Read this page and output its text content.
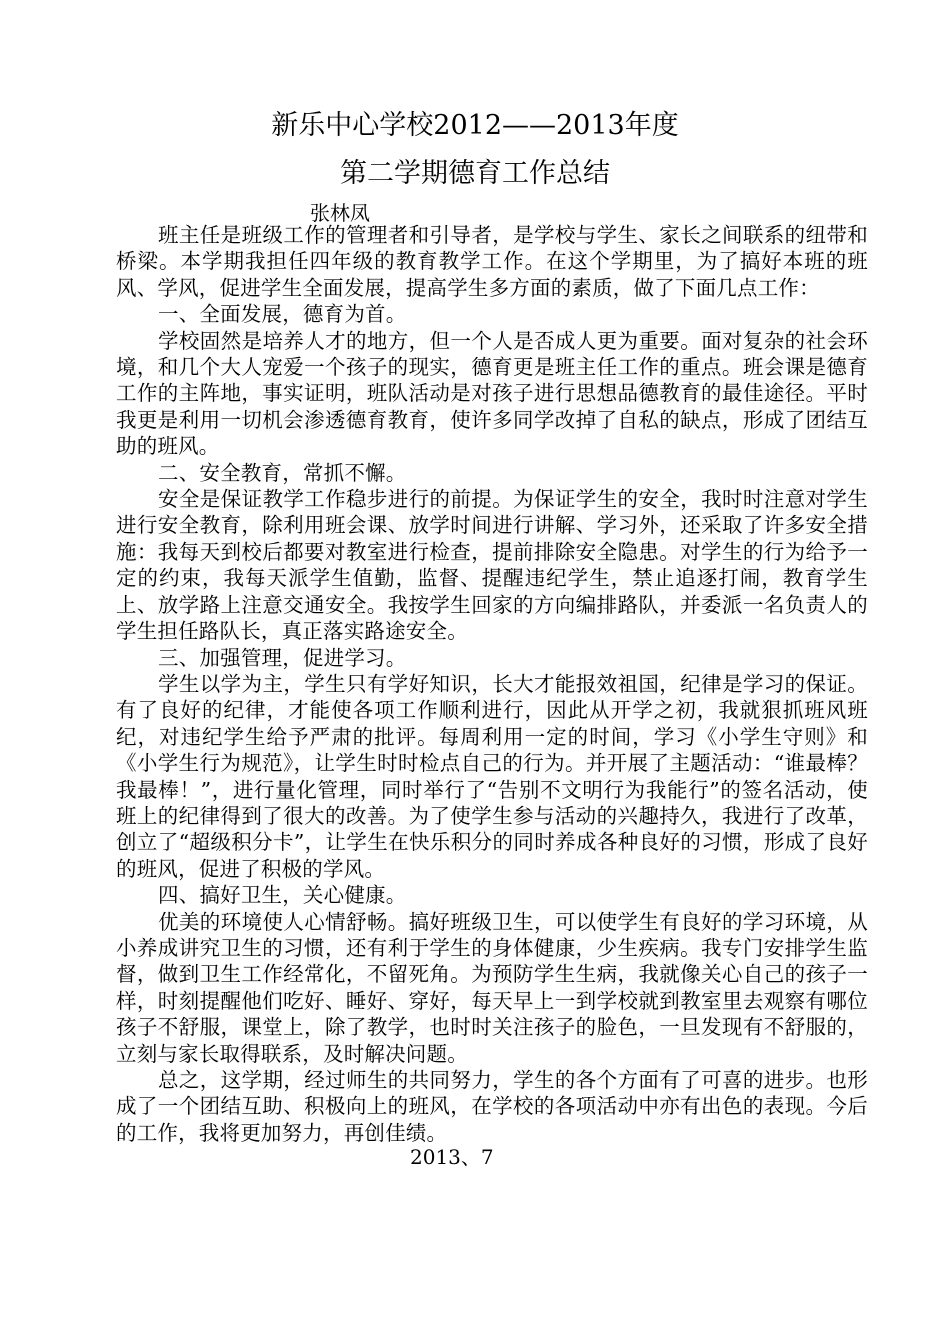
新乐中心学校2012——2013年度
第二学期德育工作总结
张林凤

班主任是班级工作的管理者和引导者，是学校与学生、家长之间联系的纽带和桥梁。本学期我担任四年级的教育教学工作。在这个学期里，为了搞好本班的班风、学风，促进学生全面发展，提高学生多方面的素质，做了下面几点工作：

一、全面发展，德育为首。

学校固然是培养人才的地方，但一个人是否成人更为重要。面对复杂的社会环境，和几个大人宠爱一个孩子的现实，德育更是班主任工作的重点。班会课是德育工作的主阵地，事实证明，班队活动是对孩子进行思想品德教育的最佳途径。平时我更是利用一切机会渗透德育教育，使许多同学改掉了自私的缺点，形成了团结互助的班风。

二、安全教育，常抓不懈。

安全是保证教学工作稳步进行的前提。为保证学生的安全，我时时注意对学生进行安全教育，除利用班会课、放学时间进行讲解、学习外，还采取了许多安全措施：我每天到校后都要对教室进行检查，提前排除安全隐患。对学生的行为给予一定的约束，我每天派学生值勤，监督、提醒违纪学生，禁止追逐打闹，教育学生上、放学路上注意交通安全。我按学生回家的方向编排路队，并委派一名负责人的学生担任路队长，真正落实路途安全。

三、加强管理，促进学习。

学生以学为主，学生只有学好知识，长大才能报效祖国，纪律是学习的保证。有了良好的纪律，才能使各项工作顺利进行，因此从开学之初，我就狠抓班风班纪，对违纪学生给予严肃的批评。每周利用一定的时间，学习《小学生守则》和《小学生行为规范》，让学生时时检点自己的行为。并开展了主题活动：“谁最棒？我最棒！”，进行量化管理，同时举行了“告别不文明行为我能行”的签名活动，使班上的纪律得到了很大的改善。为了使学生参与活动的兴趣持久，我进行了改革，创立了“超级积分卡”，让学生在快乐积分的同时养成各种良好的习惯，形成了良好的班风，促进了积极的学风。

四、搞好卫生，关心健康。

优美的环境使人心情舒畅。搞好班级卫生，可以使学生有良好的学习环境，从小养成讲究卫生的习惯，还有利于学生的身体健康，少生疾病。我专门安排学生监督，做到卫生工作经常化，不留死角。为预防学生生病，我就像关心自己的孩子一样，时刻提醒他们吃好、睡好、穿好，每天早上一到学校就到教室里去观察有哪位孩子不舒服，课堂上，除了教学，也时时关注孩子的脸色，一旦发现有不舒服的，立刻与家长取得联系，及时解决问题。

总之，这学期，经过师生的共同努力，学生的各个方面有了可喜的进步。也形成了一个团结互助、积极向上的班风，在学校的各项活动中亦有出色的表现。今后的工作，我将更加努力，再创佳绩。

2013、7
